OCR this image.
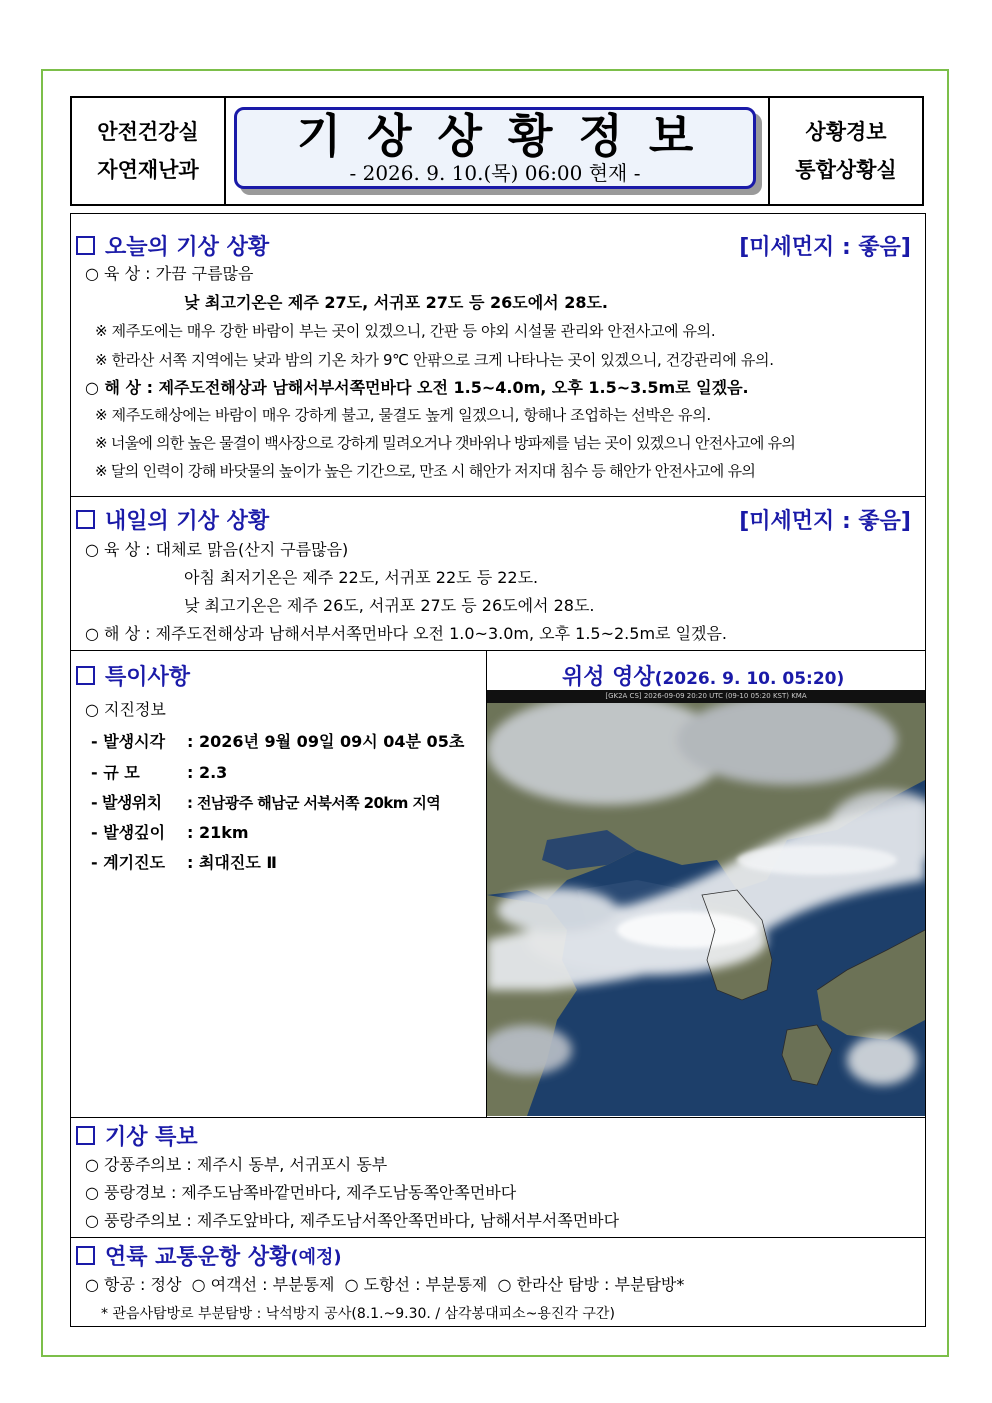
안전건강실
자연재난과
기상상황정보
- 2026. 9. 10.(목) 06:00 현재 -
상황경보
통합상황실
오늘의 기상 상황	[미세먼지 : 좋음]
○ 육 상 : 가끔 구름많음
낮 최고기온은 제주 27도, 서귀포 27도 등 26도에서 28도.
※ 제주도에는 매우 강한 바람이 부는 곳이 있겠으니, 간판 등 야외 시설물 관리와 안전사고에 유의.
※ 한라산 서쪽 지역에는 낮과 밤의 기온 차가 9℃ 안팎으로 크게 나타나는 곳이 있겠으니, 건강관리에 유의.
○ 해 상 : 제주도전해상과 남해서부서쪽먼바다 오전 1.5~4.0m, 오후 1.5~3.5m로 일겠음.
※ 제주도해상에는 바람이 매우 강하게 불고, 물결도 높게 일겠으니, 항해나 조업하는 선박은 유의.
※ 너울에 의한 높은 물결이 백사장으로 강하게 밀려오거나 갯바위나 방파제를 넘는 곳이 있겠으니 안전사고에 유의
※ 달의 인력이 강해 바닷물의 높이가 높은 기간으로, 만조 시 해안가 저지대 침수 등 해안가 안전사고에 유의
내일의 기상 상황	[미세먼지 : 좋음]
○ 육 상 : 대체로 맑음(산지 구름많음)
아침 최저기온은 제주 22도, 서귀포 22도 등 22도.
낮 최고기온은 제주 26도, 서귀포 27도 등 26도에서 28도.
○ 해 상 : 제주도전해상과 남해서부서쪽먼바다 오전 1.0~3.0m, 오후 1.5~2.5m로 일겠음.
특이사항
○ 지진정보
- 발생시각 : 2026년 9월 09일 09시 04분 05초
- 규 모	: 2.3
- 발생위치 : 전남광주 해남군 서북서쪽 20km 지역
- 발생깊이 : 21km
- 계기진도 : 최대진도 Ⅱ
위성 영상(2026. 9. 10. 05:20)
[GK2A CS] 2026-09-09 20:20 UTC (09-10 05:20 KST) KMA
기상 특보
○ 강풍주의보 : 제주시 동부, 서귀포시 동부
○ 풍랑경보 : 제주도남쪽바깥먼바다, 제주도남동쪽안쪽먼바다
○ 풍랑주의보 : 제주도앞바다, 제주도남서쪽안쪽먼바다, 남해서부서쪽먼바다
연륙 교통운항 상황 (예정)
○ 항공 : 정상  ○ 여객선 : 부분통제  ○ 도항선 : 부분통제  ○ 한라산 탐방 : 부분탐방*
* 관음사탐방로 부분탐방 : 낙석방지 공사(8.1.~9.30. / 삼각봉대피소~용진각 구간)
